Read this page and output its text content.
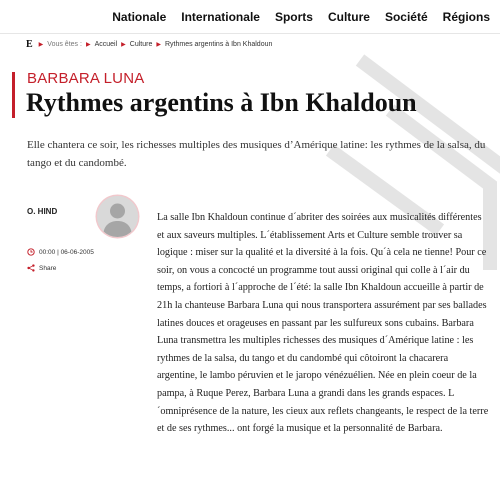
Nationale Internationale Sports Culture Société Régions
E ▶ Vous êtes : ▶ Accueil ▶ Culture ▶ Rythmes argentins à Ibn Khaldoun
BARBARA LUNA
Rythmes argentins à Ibn Khaldoun

Elle chantera ce soir, les richesses multiples des musiques d’Amérique latine: les rythmes de la salsa, du tango et du candombé.

O. HIND
00:00 | 06-06-2005
Share

La salle Ibn Khaldoun continue d´abriter des soirées aux musicalités différentes et aux saveurs multiples. L´établissement Arts et Culture semble trouver sa logique : miser sur la qualité et la diversité à la fois. Qu´à cela ne tienne! Pour ce soir, on vous a concocté un programme tout aussi original qui colle à l´air du temps, a fortiori à l´approche de l´été: la salle Ibn Khaldoun accueille à partir de 21h la chanteuse Barbara Luna qui nous transportera assurément par ses ballades latines douces et orageuses en passant par les sulfureux sons cubains. Barbara Luna transmettra les multiples richesses des musiques d´Amérique latine : les rythmes de la salsa, du tango et du candombé qui côtoiront la chacarera argentine, le lambo péruvien et le jaropo vénézuélien. Née en plein coeur de la pampa, à Ruque Perez, Barbara Luna a grandi dans les grands espaces. L´omniprésence de la nature, les cieux aux reflets changeants, le respect de la terre et de ses rythmes... ont forgé la musique et la personnalité de Barbara.
